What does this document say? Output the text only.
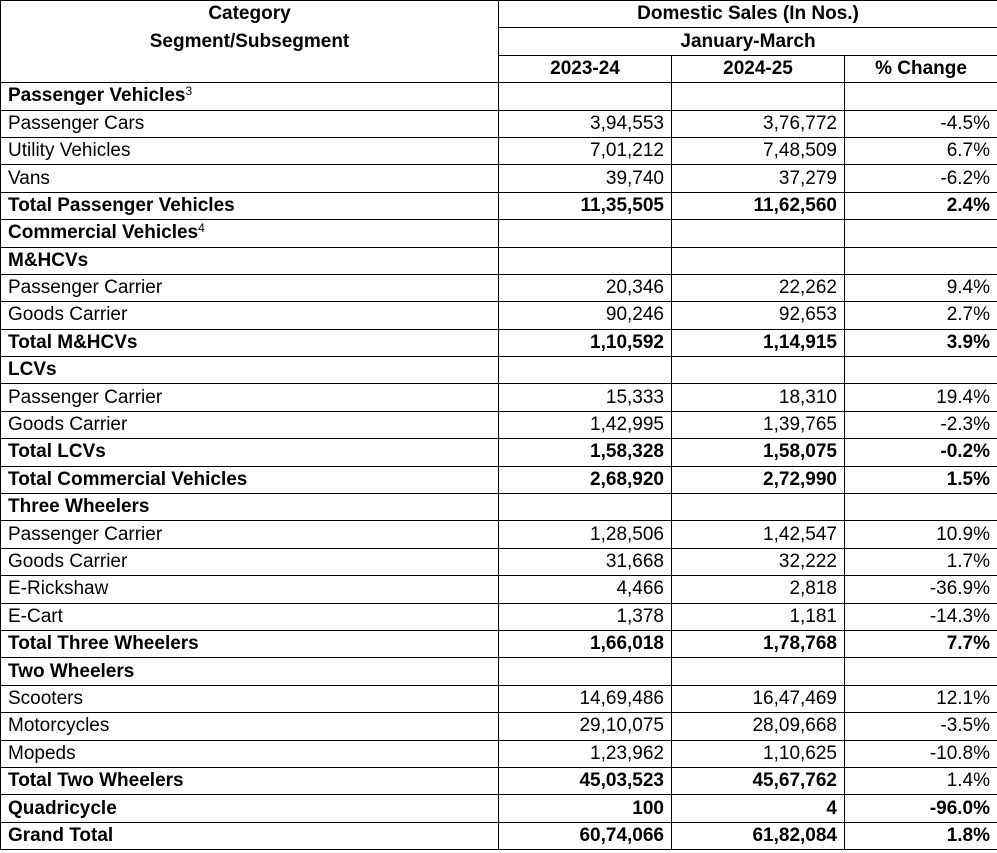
Category	Domestic Sales (In Nos.)		
Segment/Subsegment	January-March		
	2023-24	2024-25	% Change
Passenger Vehicles$^3$			
Passenger Cars	3,94,553	3,76,772	-4.5%
Utility Vehicles	7,01,212	7,48,509	6.7%
Vans	39,740	37,279	-6.2%
Total Passenger Vehicles	11,35,505	11,62,560	2.4%
Commercial Vehicles$^4$			
M&HCVs			
Passenger Carrier	20,346	22,262	9.4%
Goods Carrier	90,246	92,653	2.7%
Total M&HCVs	1,10,592	1,14,915	3.9%
LCVs			
Passenger Carrier	15,333	18,310	19.4%
Goods Carrier	1,42,995	1,39,765	-2.3%
Total LCVs	1,58,328	1,58,075	-0.2%
Total Commercial Vehicles	2,68,920	2,72,990	1.5%
Three Wheelers			
Passenger Carrier	1,28,506	1,42,547	10.9%
Goods Carrier	31,668	32,222	1.7%
E-Rickshaw	4,466	2,818	-36.9%
E-Cart	1,378	1,181	-14.3%
Total Three Wheelers	1,66,018	1,78,768	7.7%
Two Wheelers			
Scooters	14,69,486	16,47,469	12.1%
Motorcycles	29,10,075	28,09,668	-3.5%
Mopeds	1,23,962	1,10,625	-10.8%
Total Two Wheelers	45,03,523	45,67,762	1.4%
Quadricycle	100	4	-96.0%
Grand Total	60,74,066	61,82,084	1.8%
